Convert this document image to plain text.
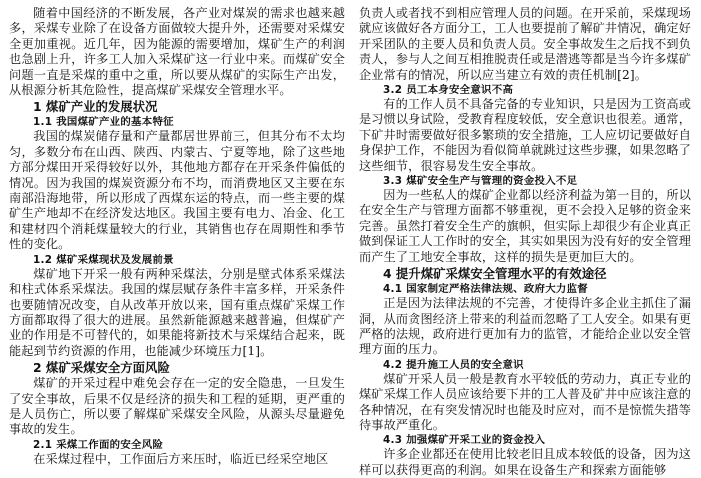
随着中国经济的不断发展，各产业对煤炭的需求也越来越多，采煤专业除了在设备方面做较大提升外，还需要对采煤安全更加重视。近几年，因为能源的需要增加，煤矿生产的利润也急剧上升，许多工人加入采煤矿这一行业中来。而煤矿安全问题一直是采煤的重中之重，所以要从煤矿的实际生产出发，从根源分析其危险性，提高煤矿采煤安全管理水平。

1 煤矿产业的发展状况
1.1 我国煤矿产业的基本特征

我国的煤炭储存量和产量都居世界前三，但其分布不太均匀，多数分布在山西、陕西、内蒙古、宁夏等地，除了这些地方部分煤田开采得较好以外，其他地方都存在开采条件偏低的情况。因为我国的煤炭资源分布不均，而消费地区又主要在东南部沿海地带，所以形成了西煤东运的特点，而一些主要的煤矿生产地却不在经济发达地区。我国主要有电力、冶金、化工和建材四个消耗煤量较大的行业，其销售也存在周期性和季节性的变化。

1.2 煤矿采煤现状及发展前景

煤矿地下开采一般有两种采煤法，分别是壁式体系采煤法和柱式体系采煤法。我国的煤层赋存条件丰富多样，开采条件也要随情况改变，自从改革开放以来，国有重点煤矿采煤工作方面都取得了很大的进展。虽然新能源越来越普遍，但煤矿产业的作用是不可替代的，如果能将新技术与采煤结合起来，既能起到节约资源的作用，也能减少环境压力[1]。

2 煤矿采煤安全方面风险

煤矿的开采过程中难免会存在一定的安全隐患，一旦发生了安全事故，后果不仅是经济的损失和工程的延期，更严重的是人员伤亡，所以要了解煤矿采煤安全风险，从源头尽量避免事故的发生。

2.1 采煤工作面的安全风险

在采煤过程中，工作面后方来压时，临近已经采空地区

负责人或者找不到相应管理人员的问题。在开采前，采煤现场就应该做好各方面分工，工人也要提前了解矿井情况，确定好开采团队的主要人员和负责人员。安全事故发生之后找不到负责人，参与人之间互相推脱责任或是潜逃等都是当今许多煤矿企业常有的情况，所以应当建立有效的责任机制[2]。

3.2 员工本身安全意识不高

有的工作人员不具备完备的专业知识，只是因为工资高或是习惯以身试险，受教育程度较低，安全意识也很差。通常，下矿井时需要做好很多繁琐的安全措施，工人应切记要做好自身保护工作，不能因为看似简单就跳过这些步骤，如果忽略了这些细节，很容易发生安全事故。

3.3 煤矿安全生产与管理的资金投入不足

因为一些私人的煤矿企业都以经济利益为第一目的，所以在安全生产与管理方面都不够重视，更不会投入足够的资金来完善。虽然打着安全生产的旗帜，但实际上却很少有企业真正做到保证工人工作时的安全，其实如果因为没有好的安全管理而产生了工地安全事故，这样的损失是更加巨大的。

4 提升煤矿采煤安全管理水平的有效途径
4.1 国家制定严格法律法规、政府大力监督

正是因为法律法规的不完善，才使得许多企业主抓住了漏洞，从而贪图经济上带来的利益而忽略了工人安全。如果有更严格的法规，政府进行更加有力的监管，才能给企业以安全管理方面的压力。

4.2 提升施工人员的安全意识

煤矿开采人员一般是教育水平较低的劳动力，真正专业的煤矿采煤工作人员应该给要下井的工人普及矿井中应该注意的各种情况，在有突发情况时也能及时应对，而不是惊慌失措等待事故严重化。

4.3 加强煤矿开采工业的资金投入

许多企业都还在使用比较老旧且成本较低的设备，因为这样可以获得更高的利润。如果在设备生产和探索方面能够
